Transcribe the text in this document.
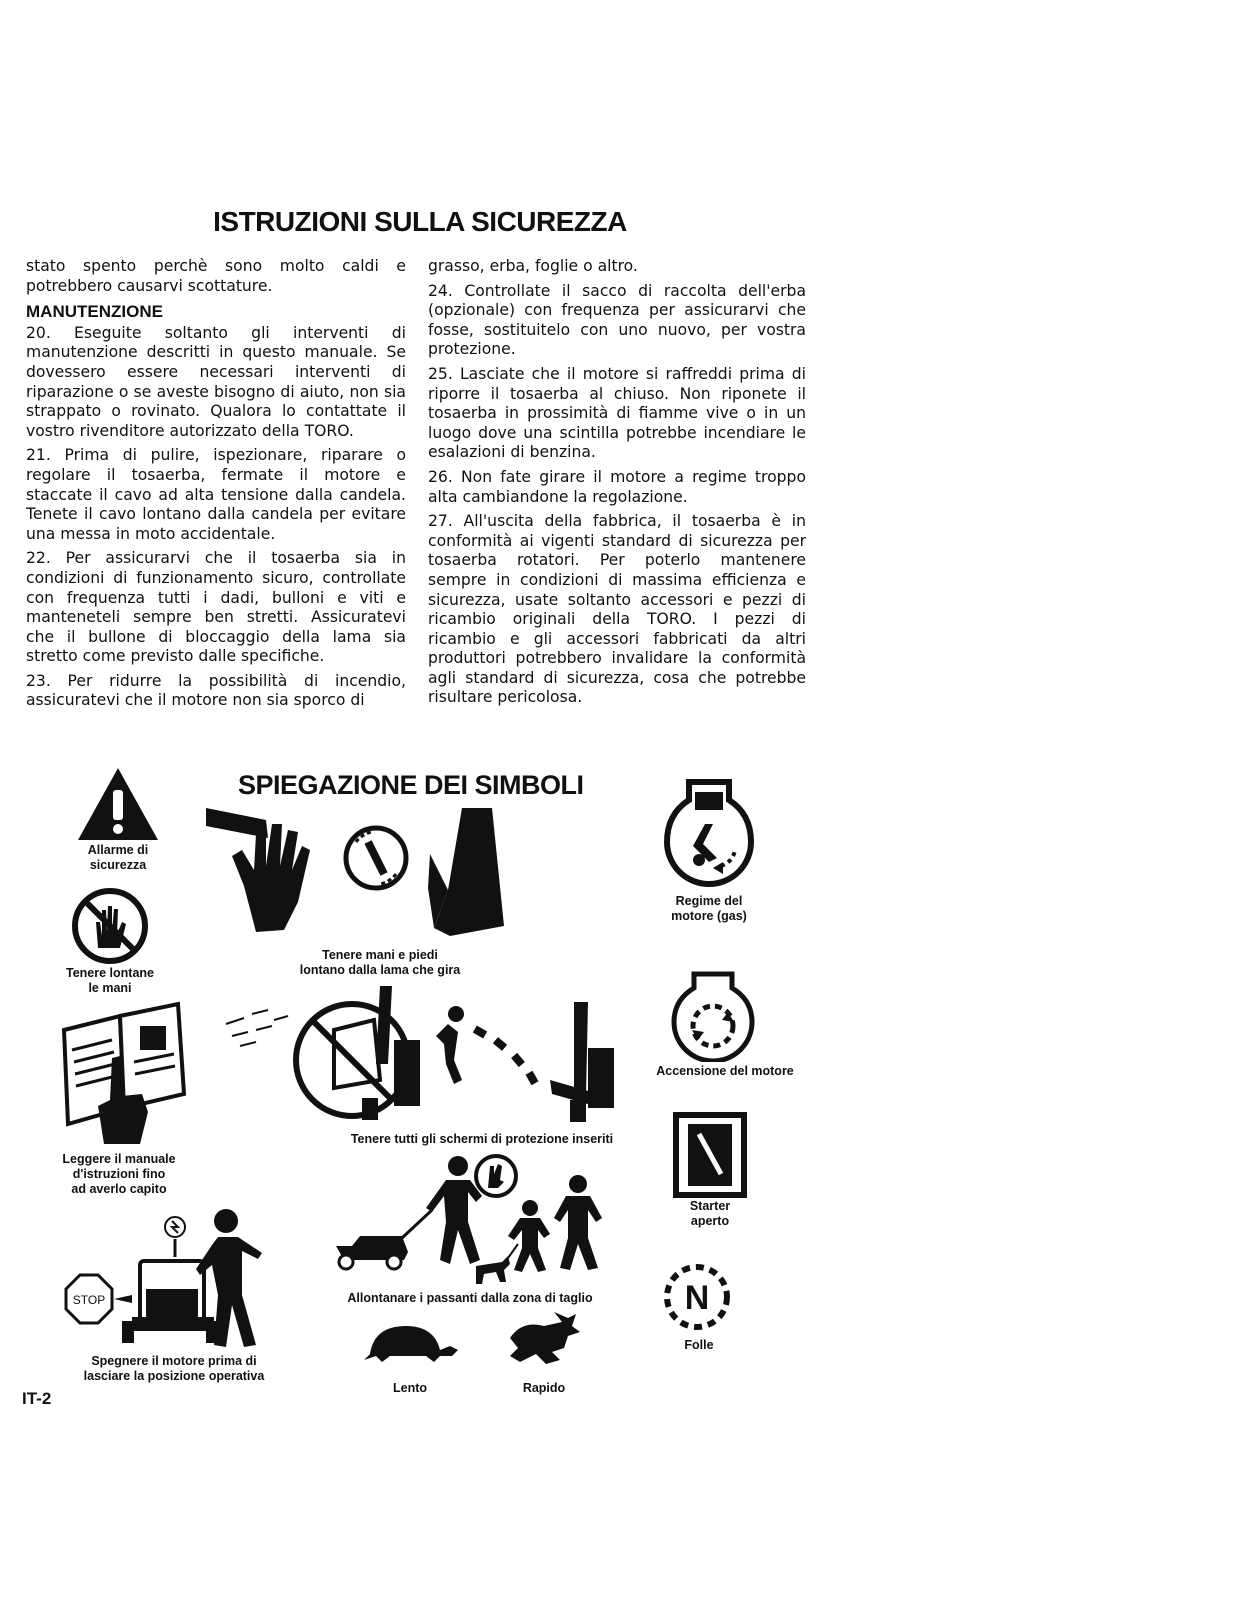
ISTRUZIONI SULLA SICUREZZA

stato spento perchè sono molto caldi e potrebbero causarvi scottature.

MANUTENZIONE

20. Eseguite soltanto gli interventi di manutenzione descritti in questo manuale. Se dovessero essere necessari interventi di riparazione o se aveste bisogno di aiuto, non sia strappato o rovinato. Qualora lo contattate il vostro rivenditore autorizzato della TORO.

21. Prima di pulire, ispezionare, riparare o regolare il tosaerba, fermate il motore e staccate il cavo ad alta tensione dalla candela. Tenete il cavo lontano dalla candela per evitare una messa in moto accidentale.

22. Per assicurarvi che il tosaerba sia in condizioni di funzionamento sicuro, controllate con frequenza tutti i dadi, bulloni e viti e manteneteli sempre ben stretti. Assicuratevi che il bullone di bloccaggio della lama sia stretto come previsto dalle specifiche.

23. Per ridurre la possibilità di incendio, assicuratevi che il motore non sia sporco di

grasso, erba, foglie o altro.

24. Controllate il sacco di raccolta dell'erba (opzionale) con frequenza per assicurarvi che fosse, sostituitelo con uno nuovo, per vostra protezione.

25. Lasciate che il motore si raffreddi prima di riporre il tosaerba al chiuso. Non riponete il tosaerba in prossimità di fiamme vive o in un luogo dove una scintilla potrebbe incendiare le esalazioni di benzina.

26. Non fate girare il motore a regime troppo alta cambiandone la regolazione.

27. All'uscita della fabbrica, il tosaerba è in conformità ai vigenti standard di sicurezza per tosaerba rotatori. Per poterlo mantenere sempre in condizioni di massima efficienza e sicurezza, usate soltanto accessori e pezzi di ricambio originali della TORO. I pezzi di ricambio e gli accessori fabbricati da altri produttori potrebbero invalidare la conformità agli standard di sicurezza, cosa che potrebbe risultare pericolosa.

SPIEGAZIONE DEI SIMBOLI
Allarme di
sicurezza
Tenere lontane
le mani
Leggere il manuale
d'istruzioni fino
ad averlo capito
STOP
Spegnere il motore prima di
lasciare la posizione operativa
Tenere mani e piedi
lontano dalla lama che gira
Tenere tutti gli schermi di protezione inseriti
Allontanare i passanti dalla zona di taglio
Lento	Rapido
Regime del
motore (gas)
Accensione del motore
Starter
aperto
N
Folle
IT-2
